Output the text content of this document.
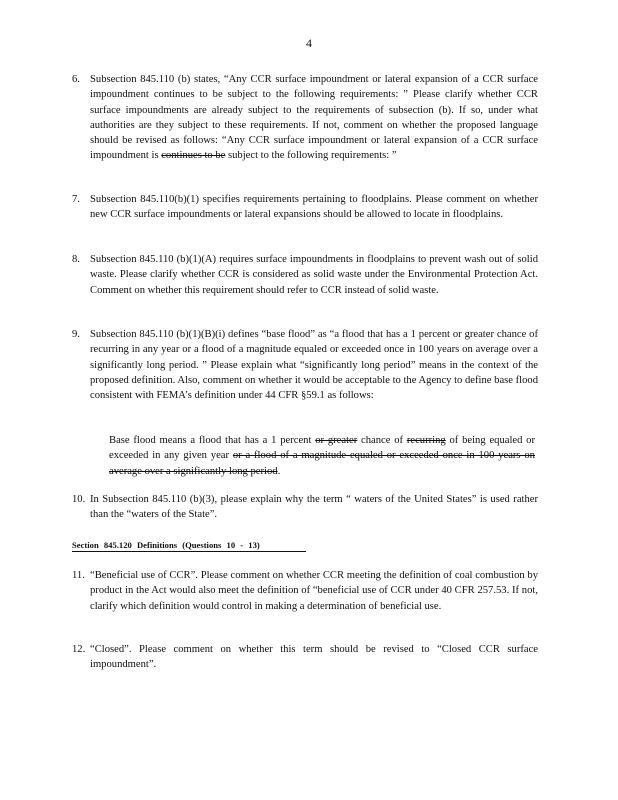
4
6. Subsection 845.110 (b) states, “Any CCR surface impoundment or lateral expansion of a CCR surface impoundment continues to be subject to the following requirements: ” Please clarify whether CCR surface impoundments are already subject to the requirements of subsection (b). If so, under what authorities are they subject to these requirements. If not, comment on whether the proposed language should be revised as follows: “Any CCR surface impoundment or lateral expansion of a CCR surface impoundment is continues to be subject to the following requirements: ”
7. Subsection 845.110(b)(1) specifies requirements pertaining to floodplains. Please comment on whether new CCR surface impoundments or lateral expansions should be allowed to locate in floodplains.
8. Subsection 845.110 (b)(1)(A) requires surface impoundments in floodplains to prevent wash out of solid waste. Please clarify whether CCR is considered as solid waste under the Environmental Protection Act. Comment on whether this requirement should refer to CCR instead of solid waste.
9. Subsection 845.110 (b)(1)(B)(i) defines “base flood” as “a flood that has a 1 percent or greater chance of recurring in any year or a flood of a magnitude equaled or exceeded once in 100 years on average over a significantly long period. ” Please explain what “significantly long period” means in the context of the proposed definition. Also, comment on whether it would be acceptable to the Agency to define base flood consistent with FEMA’s definition under 44 CFR §59.1 as follows:
Base flood means a flood that has a 1 percent or greater chance of recurring of being equaled or exceeded in any given year or a flood of a magnitude equaled or exceeded once in 100 years on average over a significantly long period.
10. In Subsection 845.110 (b)(3), please explain why the term “ waters of the United States” is used rather than the “waters of the State”.
Section 845.120 Definitions (Questions 10 - 13)
11. “Beneficial use of CCR”. Please comment on whether CCR meeting the definition of coal combustion by product in the Act would also meet the definition of “beneficial use of CCR under 40 CFR 257.53. If not, clarify which definition would control in making a determination of beneficial use.
12. “Closed”. Please comment on whether this term should be revised to “Closed CCR surface impoundment”.
